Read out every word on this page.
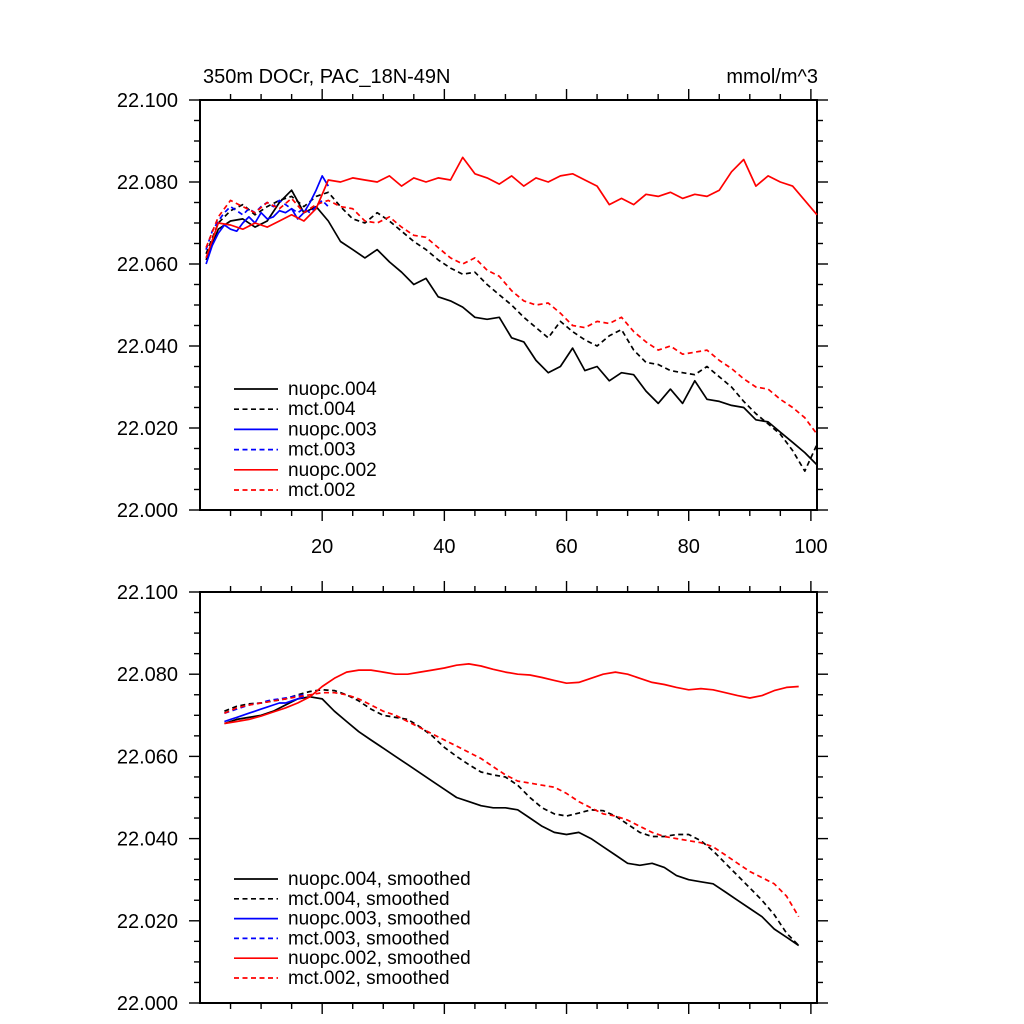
350m DOCr, PAC_18N-49N	mmol/m^3
22.000
22.020
22.040
22.060
22.080
22.100
20	40	60	80	100
nuopc.004
mct.004
nuopc.003
mct.003
nuopc.002
mct.002
22.000
22.020
22.040
22.060
22.080
22.100
nuopc.004, smoothed
mct.004, smoothed
nuopc.003, smoothed
mct.003, smoothed
nuopc.002, smoothed
mct.002, smoothed
